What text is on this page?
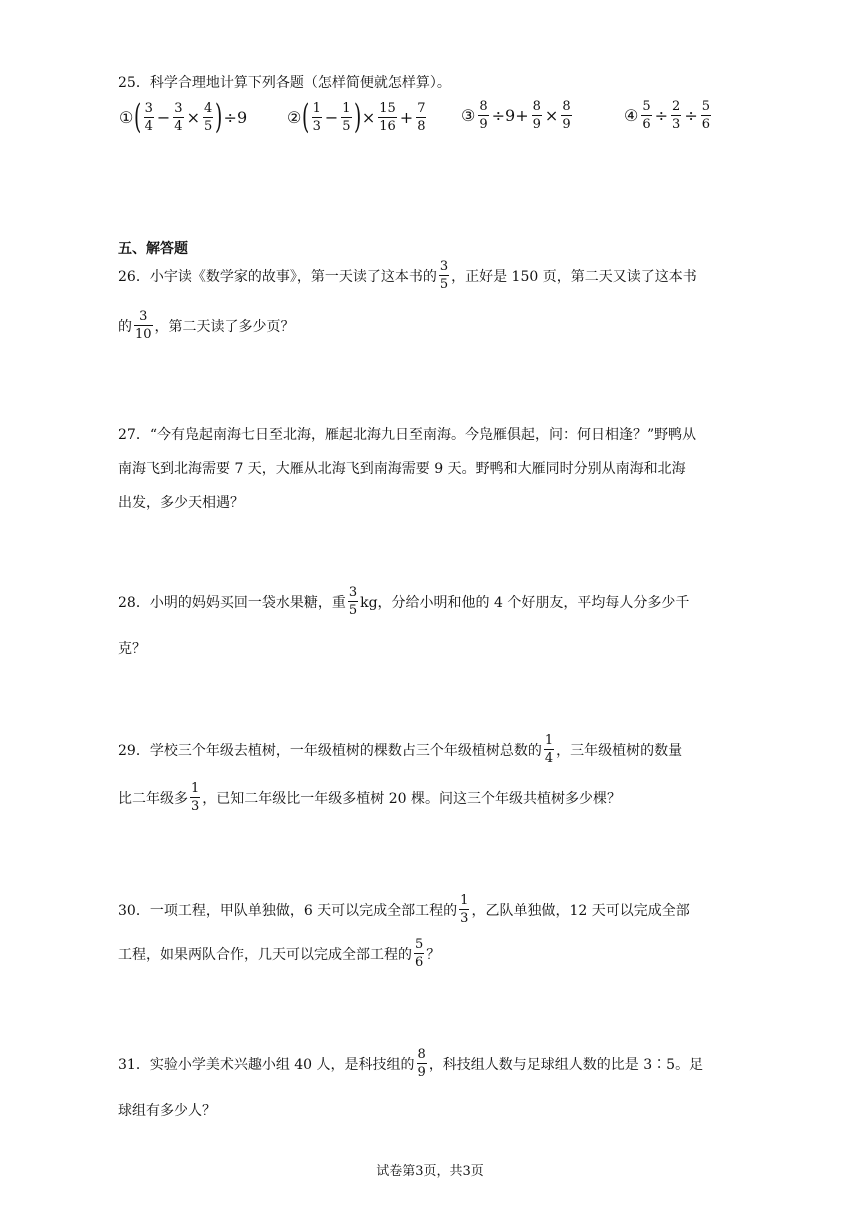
25．科学合理地计算下列各题（怎样简便就怎样算）。
① ( $\frac{3}{4} - \frac{3}{4} \times \frac{4}{5}$ ) ÷9 ② ( $\frac{1}{3} - \frac{1}{5}$ ) × $\frac{15}{16} + \frac{7}{8}$ ③ $\frac{8}{9} \div 9+ \frac{8}{9} \times \frac{8}{9}$	④ $\frac{5}{6} \div \frac{2}{3} \div \frac{5}{6}$
五、解答题
26．小宇读《数学家的故事》，第一天读了这本书的 $\frac{3}{5}$ ，正好是 150 页，第二天又读了这本书
的 $\frac{3}{10}$ ，第二天读了多少页？
27．“今有凫起南海七日至北海，雁起北海九日至南海。今凫雁俱起，问：何日相逢？”野鸭从
南海飞到北海需要 7 天，大雁从北海飞到南海需要 9 天。野鸭和大雁同时分别从南海和北海
出发，多少天相遇？
28．小明的妈妈买回一袋水果糖，重 $\frac{3}{5}$ kg，分给小明和他的 4 个好朋友，平均每人分多少千
克？
29．学校三个年级去植树，一年级植树的棵数占三个年级植树总数的 $\frac{1}{4}$ ，三年级植树的数量
比二年级多 $\frac{1}{3}$ ，已知二年级比一年级多植树 20 棵。问这三个年级共植树多少棵？
30．一项工程，甲队单独做，6 天可以完成全部工程的 $\frac{1}{3}$ ，乙队单独做，12 天可以完成全部
工程，如果两队合作，几天可以完成全部工程的 $\frac{5}{6}$ ？
31．实验小学美术兴趣小组 40 人，是科技组的 $\frac{8}{9}$ ，科技组人数与足球组人数的比是 3∶5。足
球组有多少人？
试卷第3页，共3页
